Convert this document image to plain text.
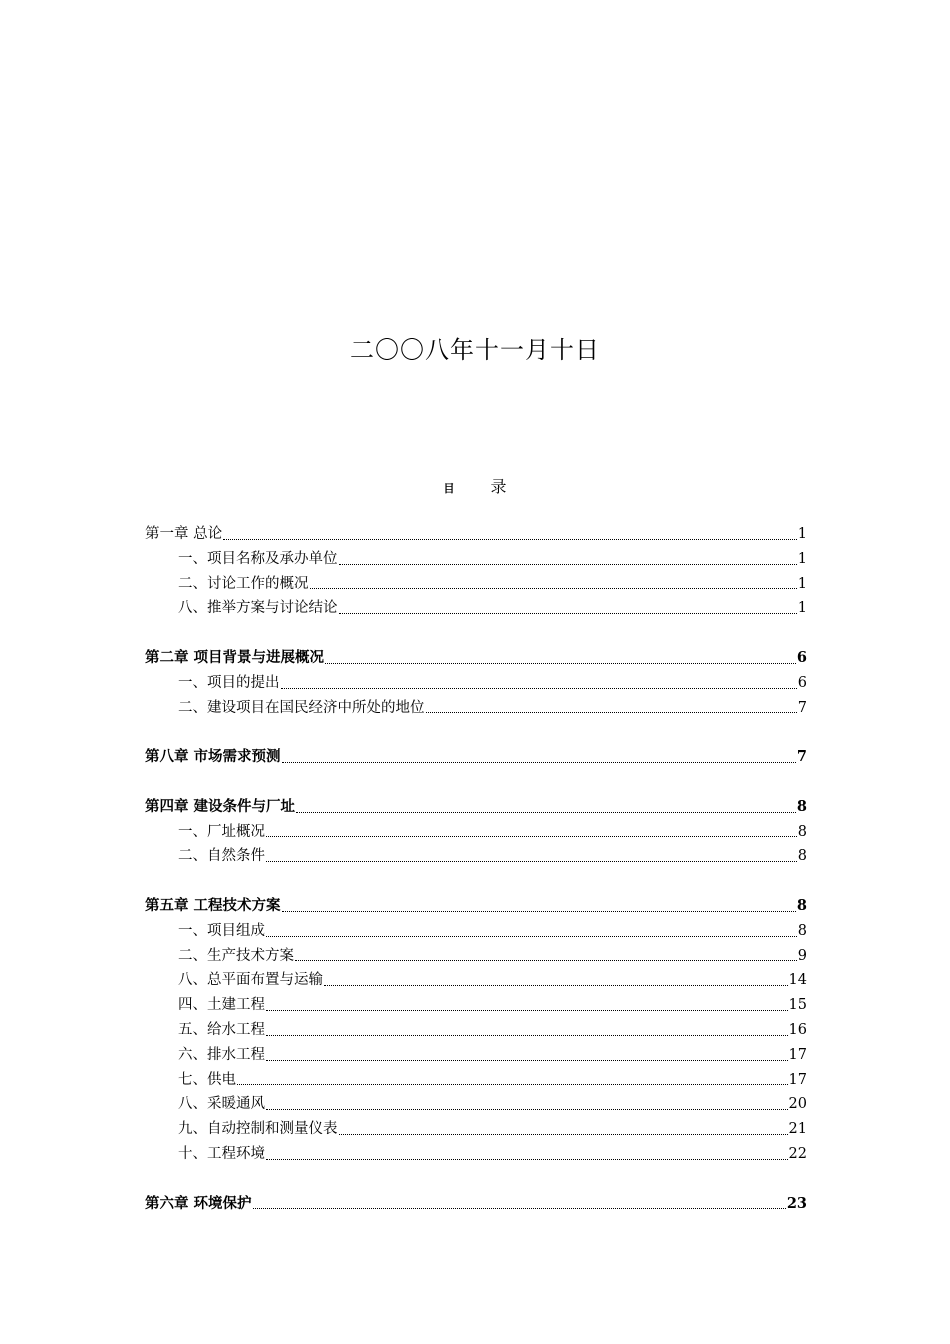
二〇〇八年十一月十日
目 录
第一章 总论	1
一、项目名称及承办单位	1
二、讨论工作的概况	1
八、推举方案与讨论结论	1
第二章 项目背景与进展概况	6
一、项目的提出	6
二、建设项目在国民经济中所处的地位	7
第八章 市场需求预测	7
第四章 建设条件与厂址	8
一、厂址概况	8
二、自然条件	8
第五章 工程技术方案	8
一、项目组成	8
二、生产技术方案	9
八、总平面布置与运输	14
四、土建工程	15
五、给水工程	16
六、排水工程	17
七、供电	17
八、采暖通风	20
九、自动控制和测量仪表	21
十、工程环境	22
第六章 环境保护	23
